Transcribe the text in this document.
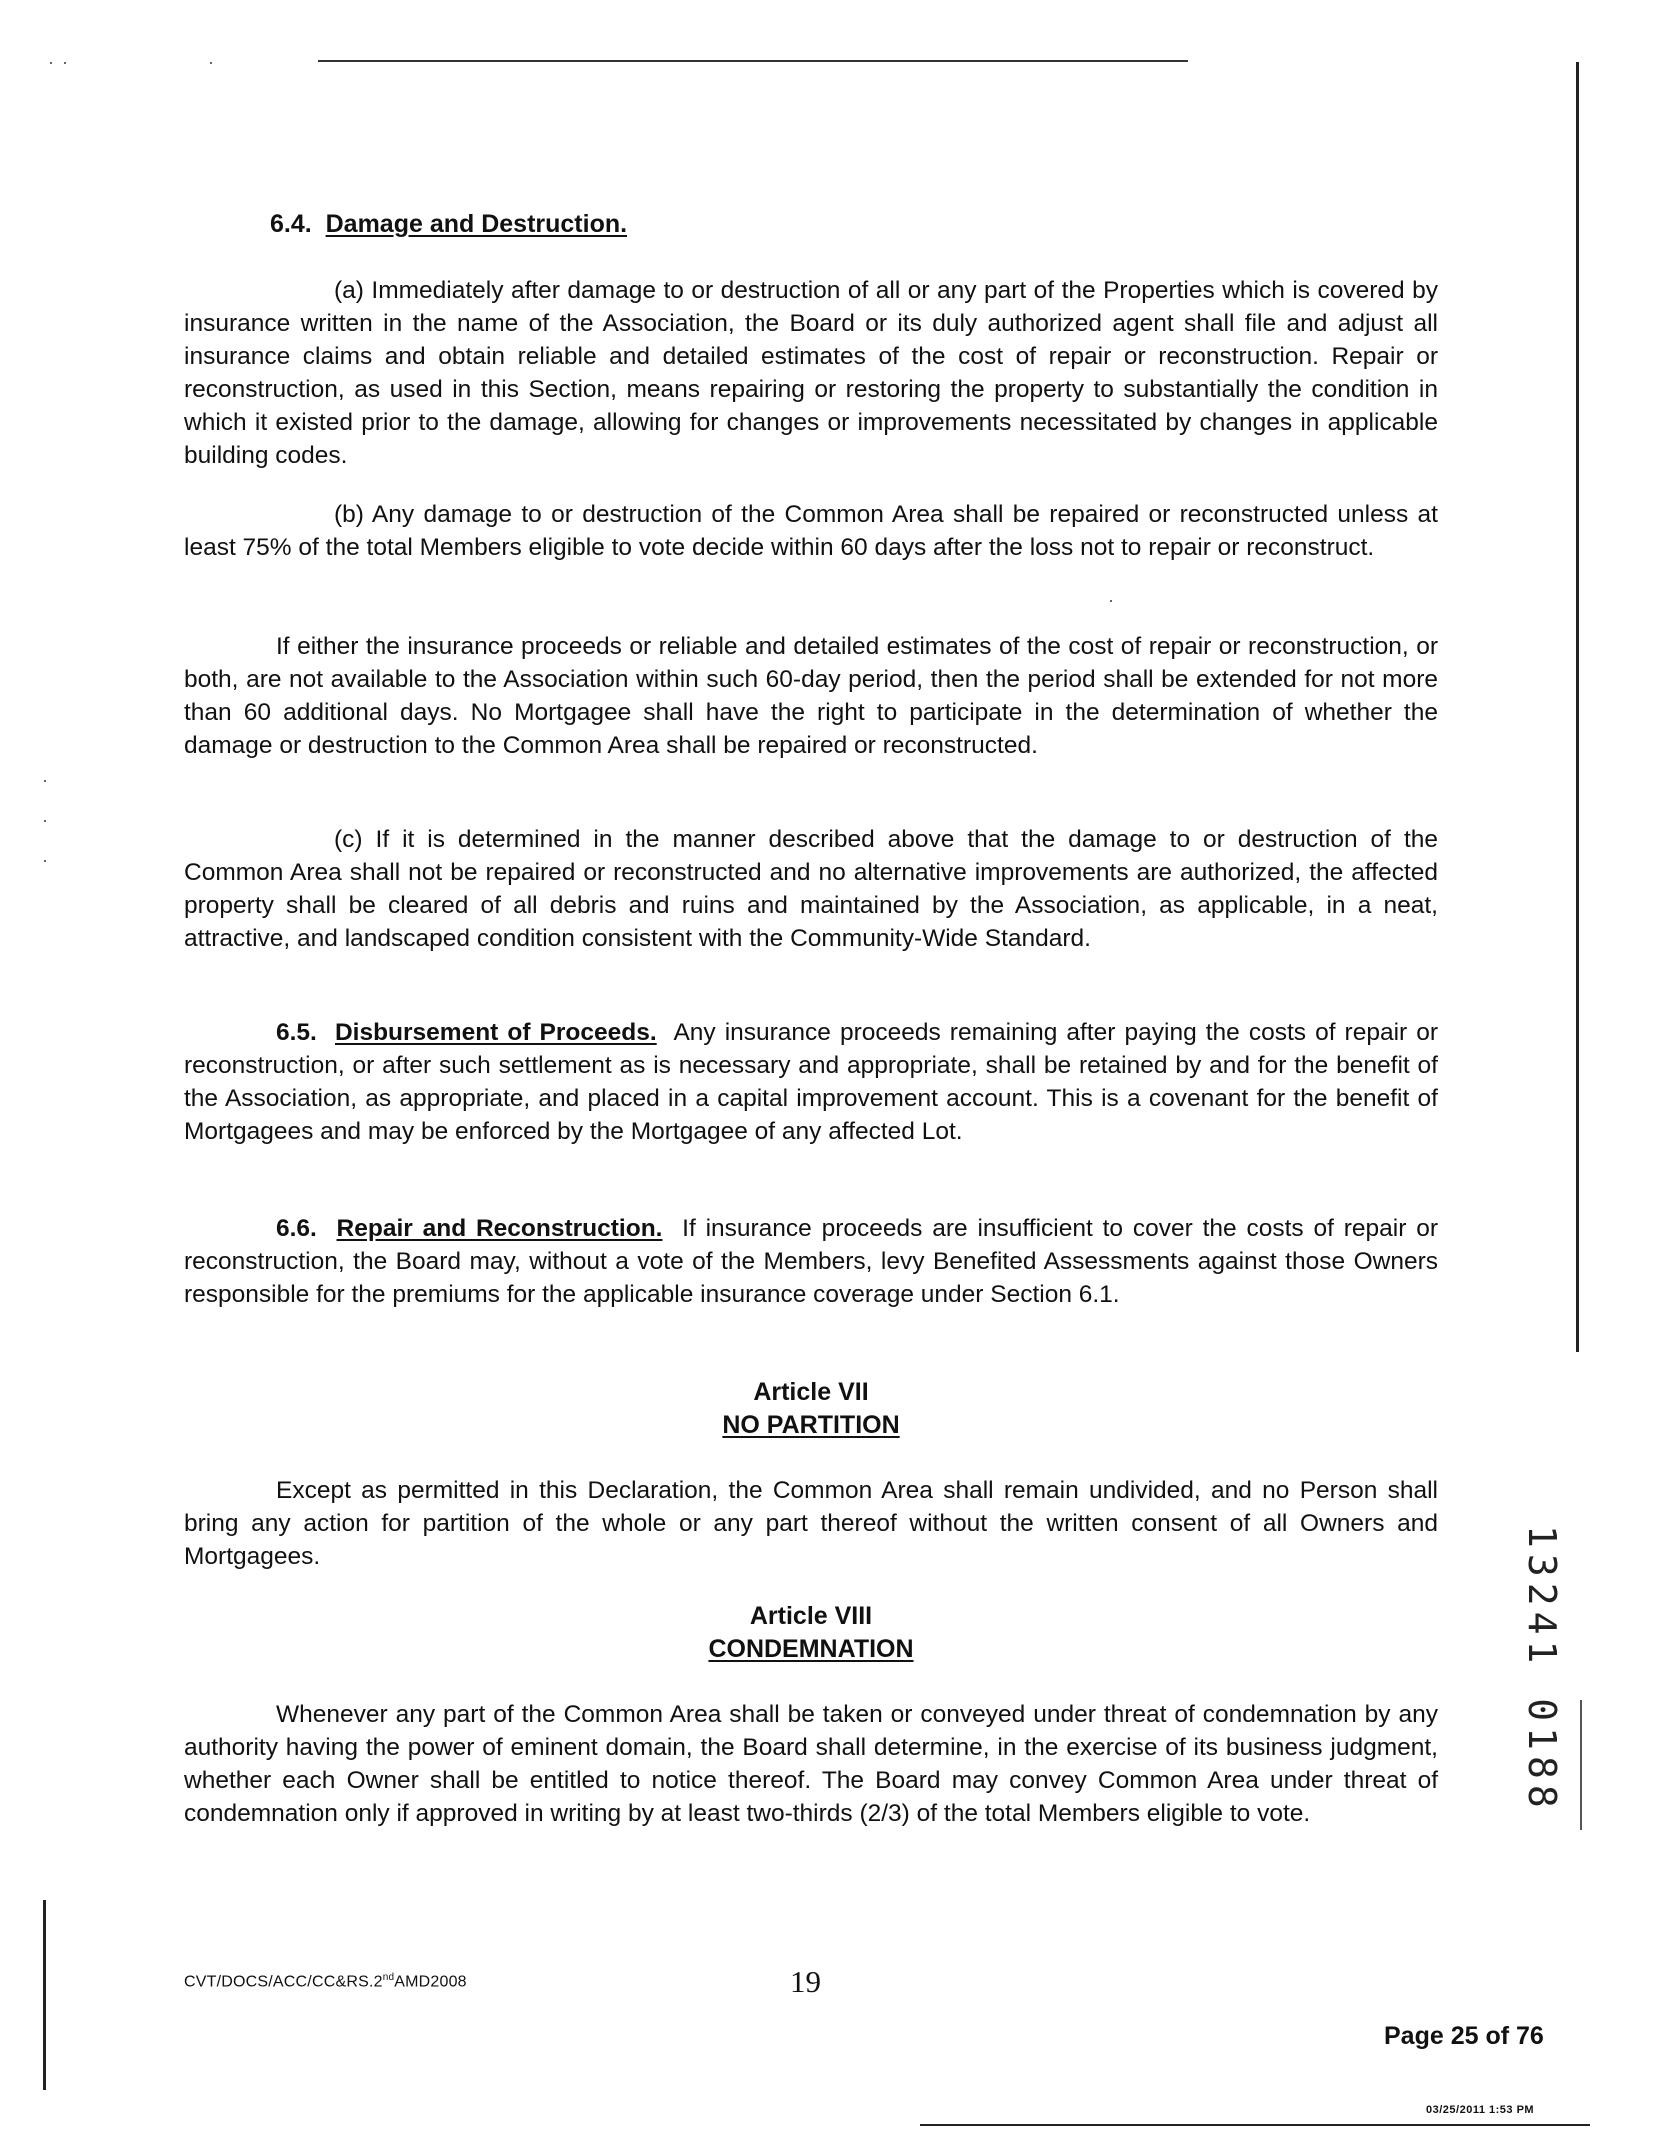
6.4. Damage and Destruction.

(a) Immediately after damage to or destruction of all or any part of the Properties which is covered by insurance written in the name of the Association, the Board or its duly authorized agent shall file and adjust all insurance claims and obtain reliable and detailed estimates of the cost of repair or reconstruction. Repair or reconstruction, as used in this Section, means repairing or restoring the property to substantially the condition in which it existed prior to the damage, allowing for changes or improvements necessitated by changes in applicable building codes.

(b) Any damage to or destruction of the Common Area shall be repaired or reconstructed unless at least 75% of the total Members eligible to vote decide within 60 days after the loss not to repair or reconstruct.

If either the insurance proceeds or reliable and detailed estimates of the cost of repair or reconstruction, or both, are not available to the Association within such 60-day period, then the period shall be extended for not more than 60 additional days. No Mortgagee shall have the right to participate in the determination of whether the damage or destruction to the Common Area shall be repaired or reconstructed.

(c) If it is determined in the manner described above that the damage to or destruction of the Common Area shall not be repaired or reconstructed and no alternative improvements are authorized, the affected property shall be cleared of all debris and ruins and maintained by the Association, as applicable, in a neat, attractive, and landscaped condition consistent with the Community-Wide Standard.

6.5. Disbursement of Proceeds. Any insurance proceeds remaining after paying the costs of repair or reconstruction, or after such settlement as is necessary and appropriate, shall be retained by and for the benefit of the Association, as appropriate, and placed in a capital improvement account. This is a covenant for the benefit of Mortgagees and may be enforced by the Mortgagee of any affected Lot.

6.6. Repair and Reconstruction. If insurance proceeds are insufficient to cover the costs of repair or reconstruction, the Board may, without a vote of the Members, levy Benefited Assessments against those Owners responsible for the premiums for the applicable insurance coverage under Section 6.1.

Article VII
NO PARTITION

Except as permitted in this Declaration, the Common Area shall remain undivided, and no Person shall bring any action for partition of the whole or any part thereof without the written consent of all Owners and Mortgagees.

Article VIII
CONDEMNATION

Whenever any part of the Common Area shall be taken or conveyed under threat of condemnation by any authority having the power of eminent domain, the Board shall determine, in the exercise of its business judgment, whether each Owner shall be entitled to notice thereof. The Board may convey Common Area under threat of condemnation only if approved in writing by at least two-thirds (2/3) of the total Members eligible to vote.	13241 0188
CVT/DOCS/ACC/CC&RS.2ndAMD2008	19
Page 25 of 76
03/25/2011 1:53 PM
